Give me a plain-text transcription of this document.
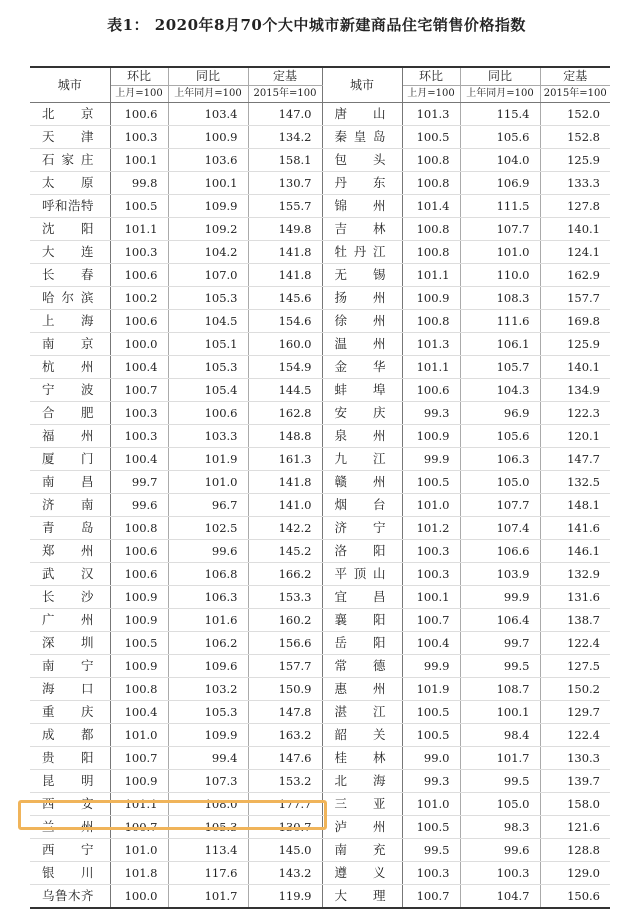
表1： 2020年8月70个大中城市新建商品住宅销售价格指数
城市	环比	同比	定基	城市	环比	同比	定基
	上月=100	上年同月=100	2015年=100		上月=100	上年同月=100	2015年=100
北京	100.6	103.4	147.0	唐山	101.3	115.4	152.0
天津	100.3	100.9	134.2	秦皇岛	100.5	105.6	152.8
石家庄	100.1	103.6	158.1	包头	100.8	104.0	125.9
太原	99.8	100.1	130.7	丹东	100.8	106.9	133.3
呼和浩特	100.5	109.9	155.7	锦州	101.4	111.5	127.8
沈阳	101.1	109.2	149.8	吉林	100.8	107.7	140.1
大连	100.3	104.2	141.8	牡丹江	100.8	101.0	124.1
长春	100.6	107.0	141.8	无锡	101.1	110.0	162.9
哈尔滨	100.2	105.3	145.6	扬州	100.9	108.3	157.7
上海	100.6	104.5	154.6	徐州	100.8	111.6	169.8
南京	100.0	105.1	160.0	温州	101.3	106.1	125.9
杭州	100.4	105.3	154.9	金华	101.1	105.7	140.1
宁波	100.7	105.4	144.5	蚌埠	100.6	104.3	134.9
合肥	100.3	100.6	162.8	安庆	99.3	96.9	122.3
福州	100.3	103.3	148.8	泉州	100.9	105.6	120.1
厦门	100.4	101.9	161.3	九江	99.9	106.3	147.7
南昌	99.7	101.0	141.8	赣州	100.5	105.0	132.5
济南	99.6	96.7	141.0	烟台	101.0	107.7	148.1
青岛	100.8	102.5	142.2	济宁	101.2	107.4	141.6
郑州	100.6	99.6	145.2	洛阳	100.3	106.6	146.1
武汉	100.6	106.8	166.2	平顶山	100.3	103.9	132.9
长沙	100.9	106.3	153.3	宜昌	100.1	99.9	131.6
广州	100.9	101.6	160.2	襄阳	100.7	106.4	138.7
深圳	100.5	106.2	156.6	岳阳	100.4	99.7	122.4
南宁	100.9	109.6	157.7	常德	99.9	99.5	127.5
海口	100.8	103.2	150.9	惠州	101.9	108.7	150.2
重庆	100.4	105.3	147.8	湛江	100.5	100.1	129.7
成都	101.0	109.9	163.2	韶关	100.5	98.4	122.4
贵阳	100.7	99.4	147.6	桂林	99.0	101.7	130.3
昆明	100.9	107.3	153.2	北海	99.3	99.5	139.7
西安	101.1	108.0	177.7	三亚	101.0	105.0	158.0
兰州	100.7	105.3	130.7	泸州	100.5	98.3	121.6
西宁	101.0	113.4	145.0	南充	99.5	99.6	128.8
银川	101.8	117.6	143.2	遵义	100.3	100.3	129.0
乌鲁木齐	100.0	101.7	119.9	大理	100.7	104.7	150.6
